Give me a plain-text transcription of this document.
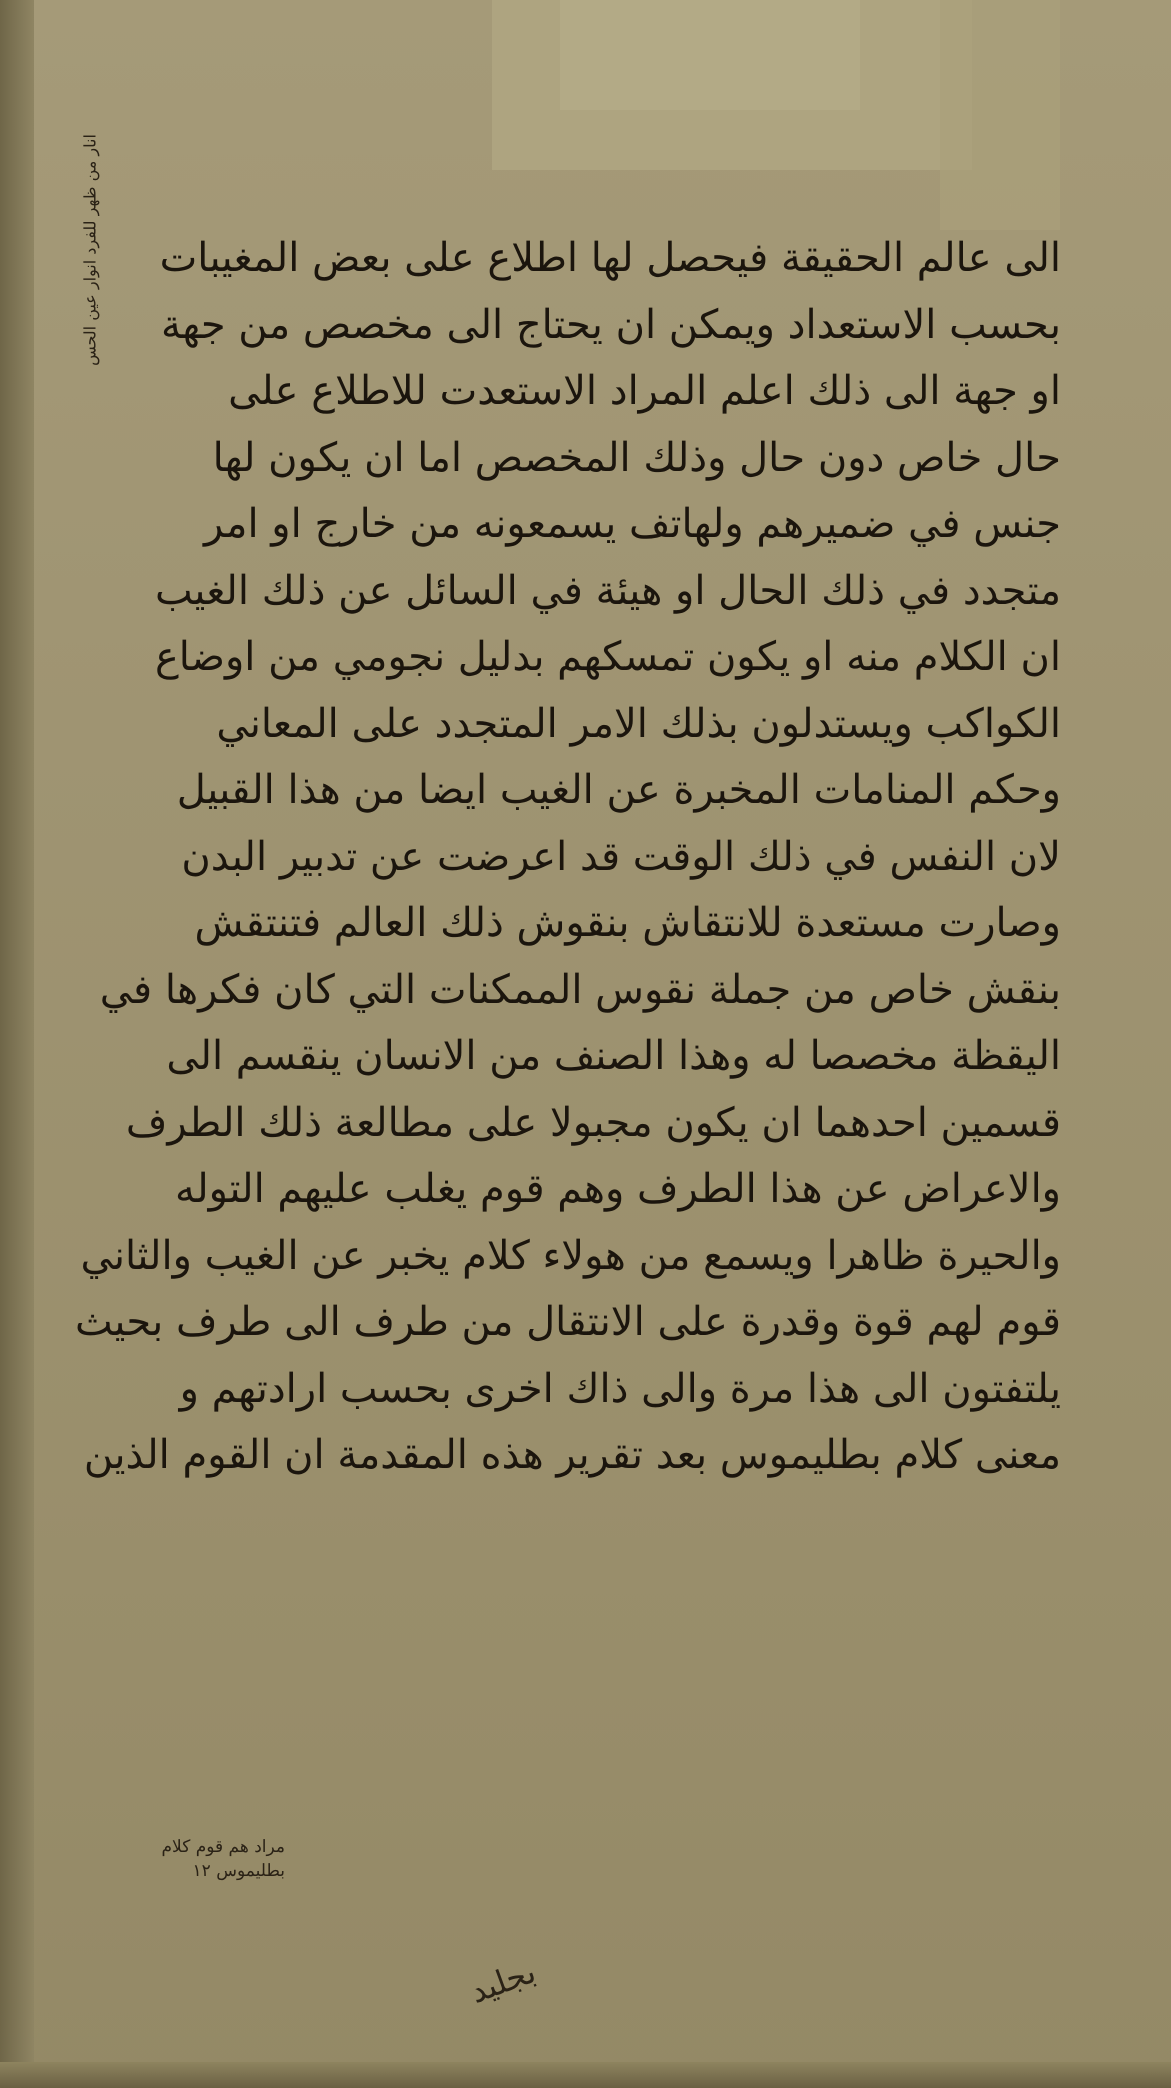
انار من ظهر للفرد انوار عين الحس	الى عالم الحقيقة فيحصل لها اطلاع على بعض المغيبات
بحسب الاستعداد ويمكن ان يحتاج الى مخصص من جهة
او جهة الى ذلك اعلم المراد الاستعدت للاطلاع على
حال خاص دون حال وذلك المخصص اما ان يكون لها
جنس في ضميرهم ولهاتف يسمعونه من خارج او امر
متجدد في ذلك الحال او هيئة في السائل عن ذلك الغيب
ان الكلام منه او يكون تمسكهم بدليل نجومي من اوضاع
الكواكب ويستدلون بذلك الامر المتجدد على المعاني
وحكم المنامات المخبرة عن الغيب ايضا من هذا القبيل
لان النفس في ذلك الوقت قد اعرضت عن تدبير البدن
وصارت مستعدة للانتقاش بنقوش ذلك العالم فتنتقش
بنقش خاص من جملة نقوس الممكنات التي كان فكرها في
اليقظة مخصصا له وهذا الصنف من الانسان ينقسم الى
قسمين احدهما ان يكون مجبولا على مطالعة ذلك الطرف
والاعراض عن هذا الطرف وهم قوم يغلب عليهم التوله
والحيرة ظاهرا ويسمع من هولاء كلام يخبر عن الغيب والثاني
قوم لهم قوة وقدرة على الانتقال من طرف الى طرف بحيث
يلتفتون الى هذا مرة والى ذاك اخرى بحسب ارادتهم و
معنى كلام بطليموس بعد تقرير هذه المقدمة ان القوم الذين
مراد هم قوم كلام
بطليموس ١٢
بجليد
